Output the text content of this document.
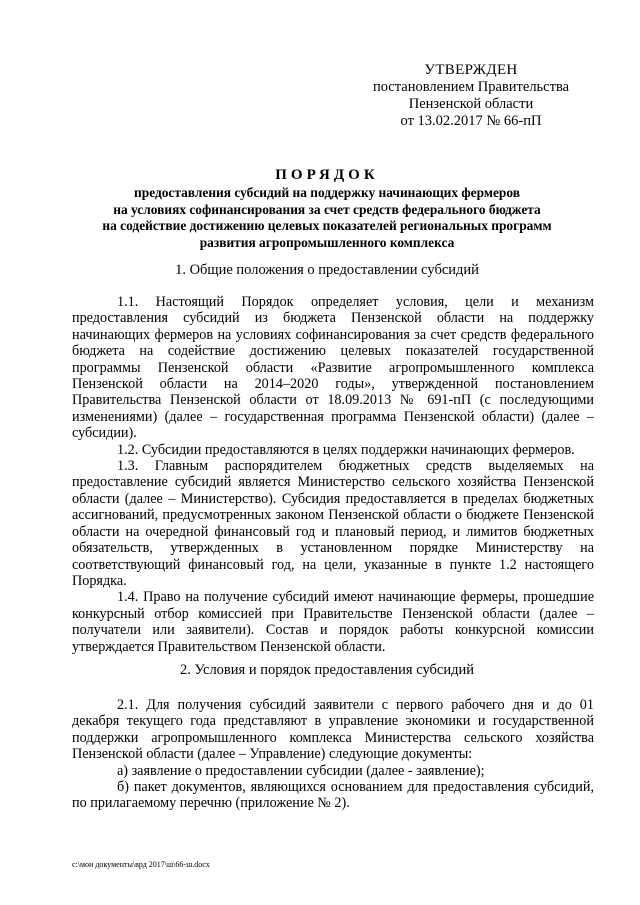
УТВЕРЖДЕН
постановлением Правительства
Пензенской области
от 13.02.2017 № 66-пП
ПОРЯДОК
предоставления субсидий на поддержку начинающих фермеров
на условиях софинансирования за счет средств федерального бюджета
на содействие достижению целевых показателей региональных программ
развития агропромышленного комплекса
1. Общие положения о предоставлении субсидий

1.1. Настоящий Порядок определяет условия, цели и механизм предоставления субсидий из бюджета Пензенской области на поддержку начинающих фермеров на условиях софинансирования за счет средств федерального бюджета на содействие достижению целевых показателей государственной программы Пензенской области «Развитие агропромышленного комплекса Пензенской области на 2014–2020 годы», утвержденной постановлением Правительства Пензенской области от 18.09.2013 № 691-пП (с последующими изменениями) (далее – государственная программа Пензенской области) (далее – субсидии).

1.2. Субсидии предоставляются в целях поддержки начинающих фермеров.

1.3. Главным распорядителем бюджетных средств выделяемых на предоставление субсидий является Министерство сельского хозяйства Пензенской области (далее – Министерство). Субсидия предоставляется в пределах бюджетных ассигнований, предусмотренных законом Пензенской области о бюджете Пензенской области на очередной финансовый год и плановый период, и лимитов бюджетных обязательств, утвержденных в установленном порядке Министерству на соответствующий финансовый год, на цели, указанные в пункте 1.2 настоящего Порядка.

1.4. Право на получение субсидий имеют начинающие фермеры, прошедшие конкурсный отбор комиссией при Правительстве Пензенской области (далее – получатели или заявители). Состав и порядок работы конкурсной комиссии утверждается Правительством Пензенской области.

2. Условия и порядок предоставления субсидий

2.1. Для получения субсидий заявители с первого рабочего дня и до 01 декабря текущего года представляют в управление экономики и государственной поддержки агропромышленного комплекса Министерства сельского хозяйства Пензенской области (далее – Управление) следующие документы:

а) заявление о предоставлении субсидии (далее - заявление);

б) пакет документов, являющихся основанием для предоставления субсидий, по прилагаемому перечню (приложение № 2).

c:\мои документы\врд 2017\ш\66-ш.docx
